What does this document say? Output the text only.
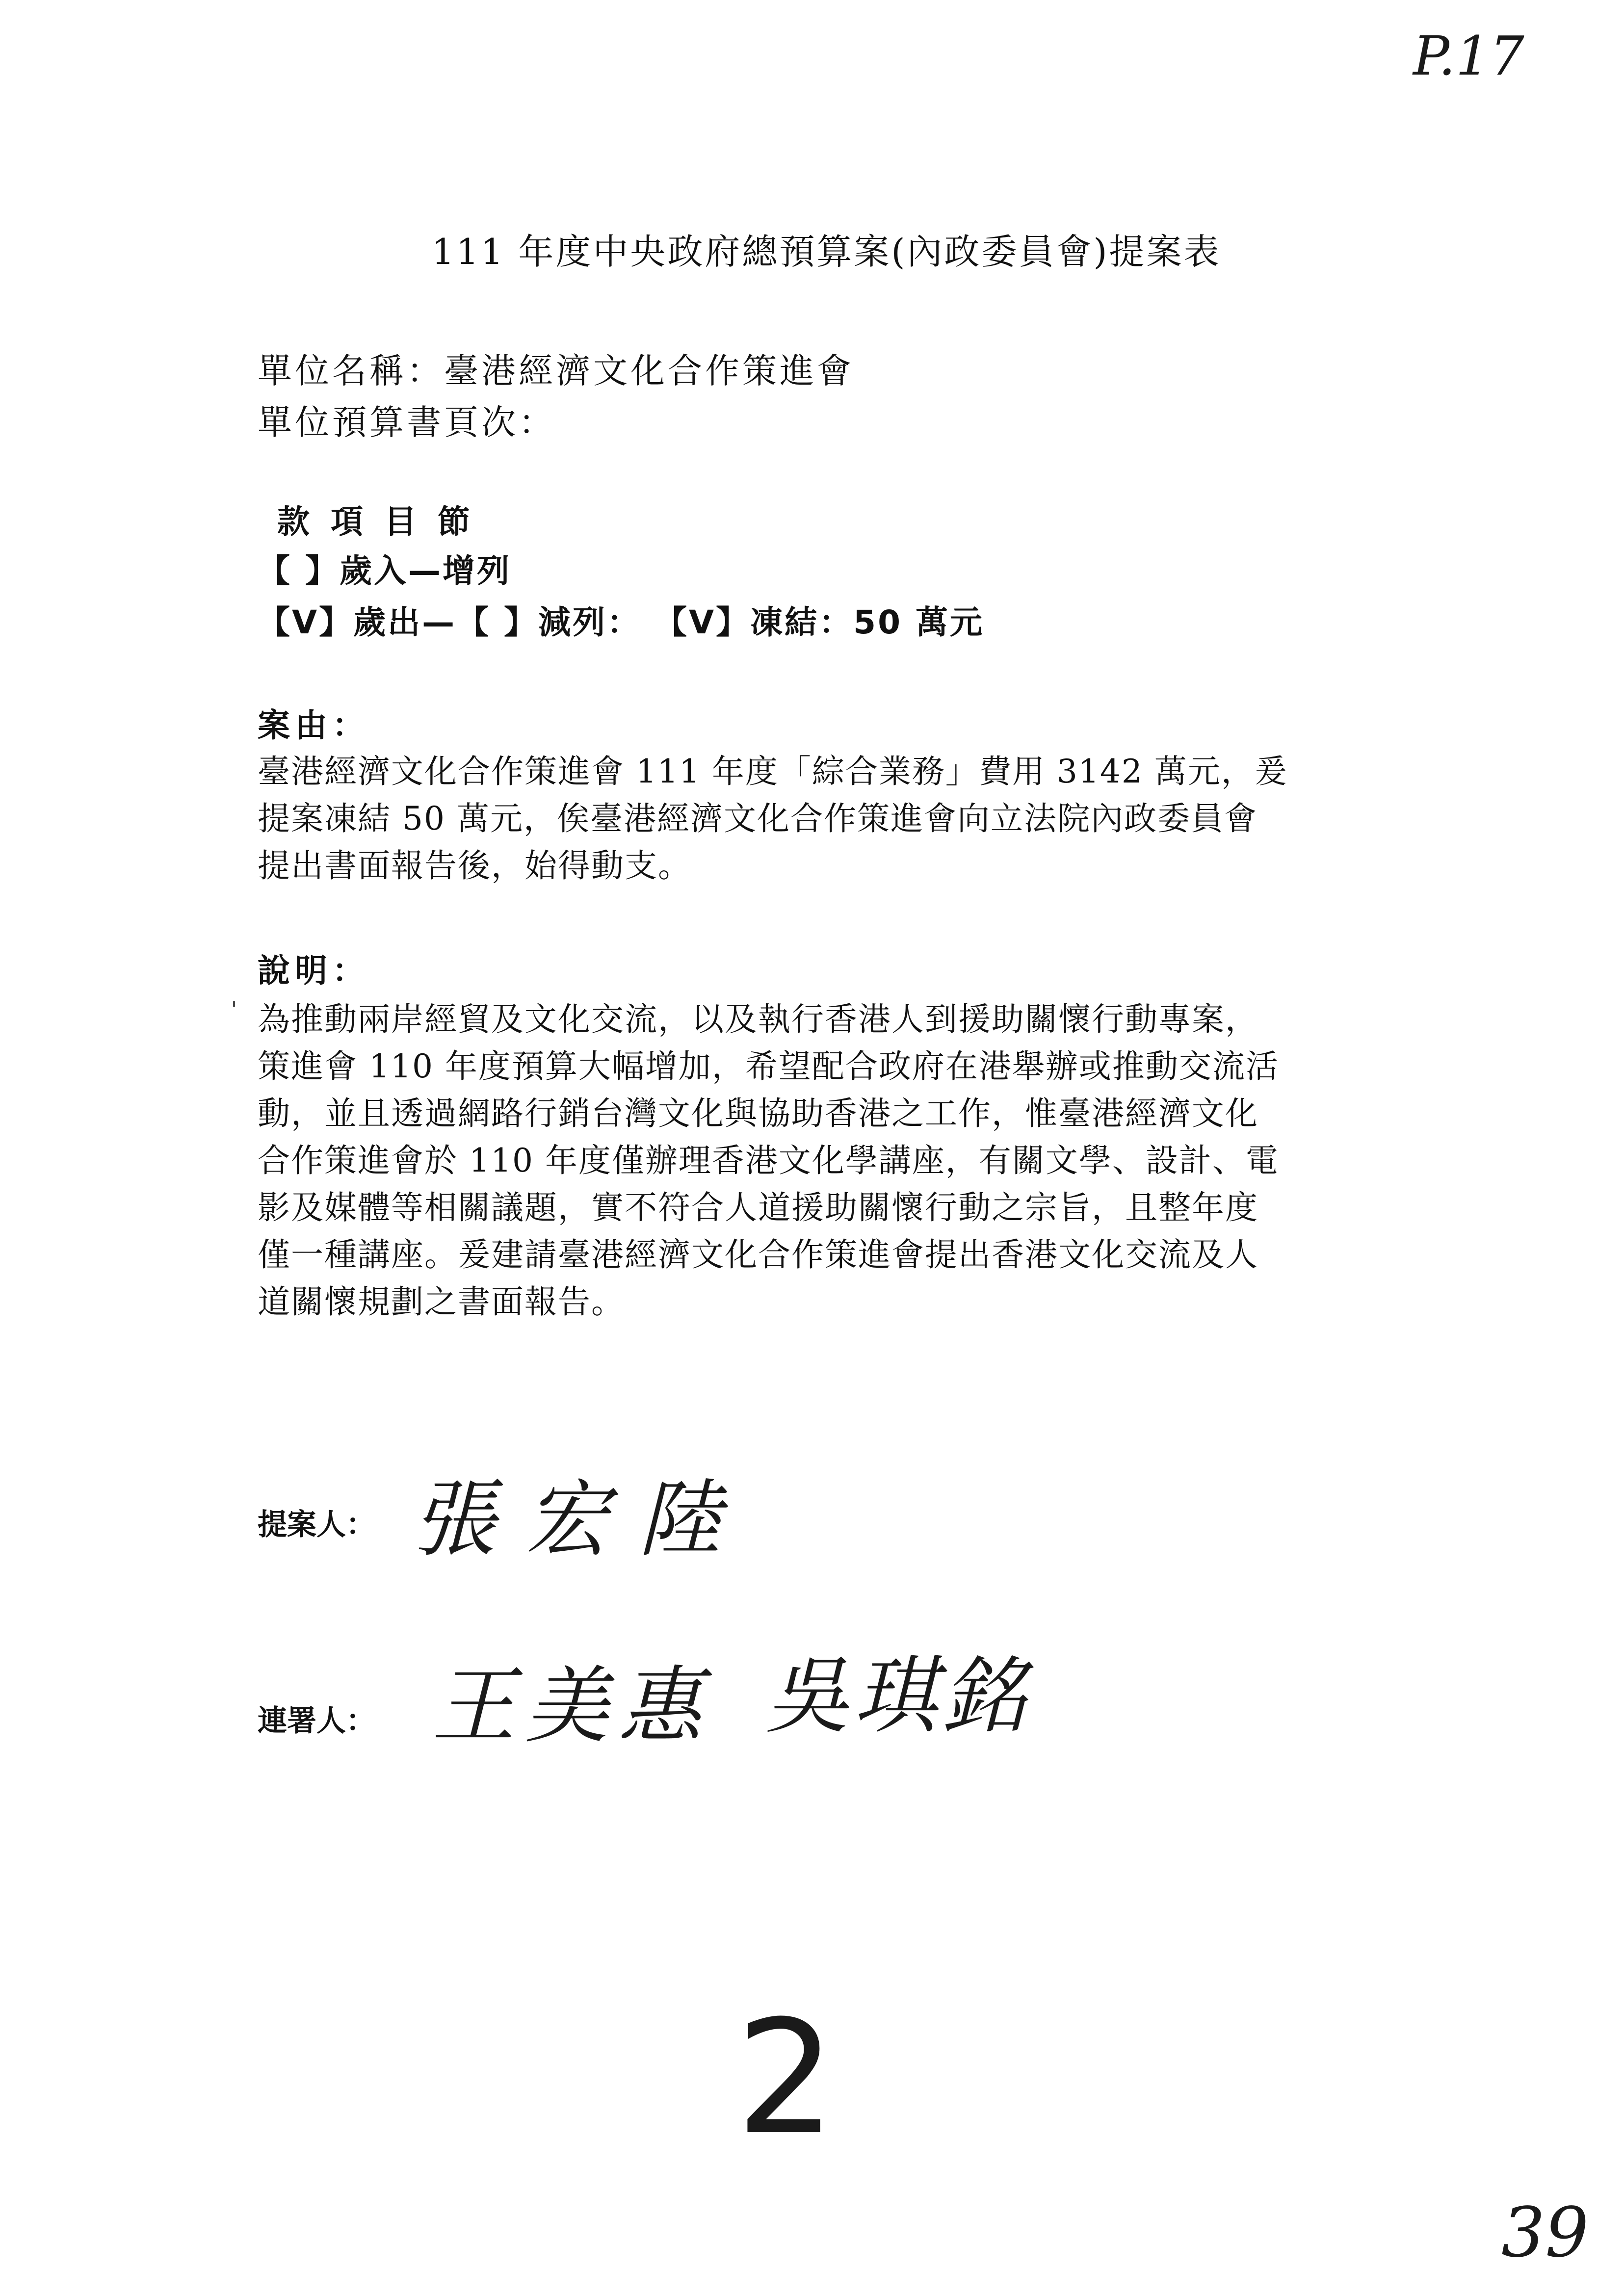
P.17
111 年度中央政府總預算案(內政委員會)提案表
單位名稱：臺港經濟文化合作策進會
單位預算書頁次：
款 項 目 節
【 】歲入—增列
【V】歲出—【 】減列： 【V】凍結：50 萬元
案由：

臺港經濟文化合作策進會 111 年度「綜合業務」費用 3142 萬元，爰

提案凍結 50 萬元，俟臺港經濟文化合作策進會向立法院內政委員會

提出書面報告後，始得動支。

ˌ
說明：

為推動兩岸經貿及文化交流，以及執行香港人到援助關懷行動專案，

策進會 110 年度預算大幅增加，希望配合政府在港舉辦或推動交流活

動，並且透過網路行銷台灣文化與協助香港之工作，惟臺港經濟文化

合作策進會於 110 年度僅辦理香港文化學講座，有關文學、設計、電

影及媒體等相關議題，實不符合人道援助關懷行動之宗旨，且整年度

僅一種講座。爰建請臺港經濟文化合作策進會提出香港文化交流及人

道關懷規劃之書面報告。

提案人： 張宏陸
連署人： 王美惠 吳琪銘
2
39
